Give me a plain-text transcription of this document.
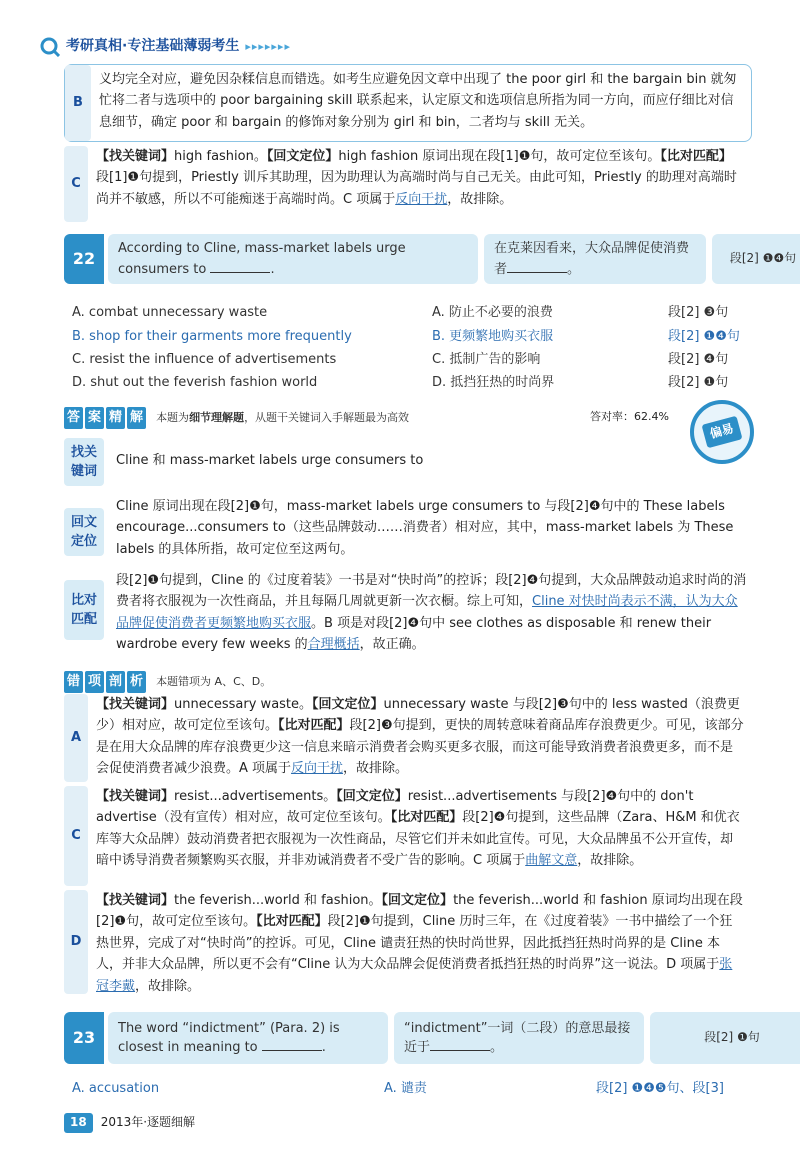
考研真相·专注基础薄弱考生 ▸▸▸▸▸▸▸
B
义均完全对应，避免因杂糅信息而错选。如考生应避免因文章中出现了 the poor girl 和 the bargain bin 就匆忙将二者与选项中的 poor bargaining skill 联系起来，认定原文和选项信息所指为同一方向，而应仔细比对信息细节，确定 poor 和 bargain 的修饰对象分别为 girl 和 bin，二者均与 skill 无关。
C
【找关键词】high fashion。【回文定位】high fashion 原词出现在段[1]❶句，故可定位至该句。【比对匹配】段[1]❶句提到，Priestly 训斥其助理，因为助理认为高端时尚与自己无关。由此可知，Priestly 的助理对高端时尚并不敏感，所以不可能痴迷于高端时尚。C 项属于反向干扰，故排除。
22
According to Cline, mass-market labels urge consumers to	.
在克莱因看来，大众品牌促使消费者	。
段[2] ❶❹句
A. combat unnecessary waste	A. 防止不必要的浪费	段[2] ❸句
B. shop for their garments more frequently	B. 更频繁地购买衣服	段[2] ❶❹句
C. resist the influence of advertisements	C. 抵制广告的影响	段[2] ❹句
D. shut out the feverish fashion world	D. 抵挡狂热的时尚界	段[2] ❶句
答 案 精 解 本题为细节理解题，从题干关键词入手解题最为高效	答对率：62.4%
偏易
找关
键词
Cline 和 mass-market labels urge consumers to
回文
定位
Cline 原词出现在段[2]❶句，mass-market labels urge consumers to 与段[2]❹句中的 These labels encourage...consumers to（这些品牌鼓动……消费者）相对应，其中，mass-market labels 为 These labels 的具体所指，故可定位至这两句。
比对
匹配
段[2]❶句提到，Cline 的《过度着装》一书是对“快时尚”的控诉；段[2]❹句提到，大众品牌鼓动追求时尚的消费者将衣服视为一次性商品，并且每隔几周就更新一次衣橱。综上可知，Cline 对快时尚表示不满，认为大众品牌促使消费者更频繁地购买衣服。B 项是对段[2]❹句中 see clothes as disposable 和 renew their wardrobe every few weeks 的合理概括，故正确。
错 项 剖 析 本题错项为 A、C、D。
A
【找关键词】unnecessary waste。【回文定位】unnecessary waste 与段[2]❸句中的 less wasted（浪费更少）相对应，故可定位至该句。【比对匹配】段[2]❸句提到，更快的周转意味着商品库存浪费更少。可见，该部分是在用大众品牌的库存浪费更少这一信息来暗示消费者会购买更多衣服，而这可能导致消费者浪费更多，而不是会促使消费者减少浪费。A 项属于反向干扰，故排除。
C
【找关键词】resist...advertisements。【回文定位】resist...advertisements 与段[2]❹句中的 don't advertise（没有宣传）相对应，故可定位至该句。【比对匹配】段[2]❹句提到，这些品牌（Zara、H&M 和优衣库等大众品牌）鼓动消费者把衣服视为一次性商品，尽管它们并未如此宣传。可见，大众品牌虽不公开宣传，却暗中诱导消费者频繁购买衣服，并非劝诫消费者不受广告的影响。C 项属于曲解文意，故排除。
D
【找关键词】the feverish...world 和 fashion。【回文定位】the feverish...world 和 fashion 原词均出现在段[2]❶句，故可定位至该句。【比对匹配】段[2]❶句提到，Cline 历时三年，在《过度着装》一书中描绘了一个狂热世界，完成了对“快时尚”的控诉。可见，Cline 谴责狂热的快时尚世界，因此抵挡狂热时尚界的是 Cline 本人，并非大众品牌，所以更不会有“Cline 认为大众品牌会促使消费者抵挡狂热的时尚界”这一说法。D 项属于张冠李戴，故排除。
23	The word “indictment” (Para. 2) is closest in meaning to	.
“indictment”一词（二段）的意思最接近于	。
段[2] ❶句
A. accusation	A. 谴责	段[2] ❶❹❺句、段[3]
18	2013年·逐题细解
